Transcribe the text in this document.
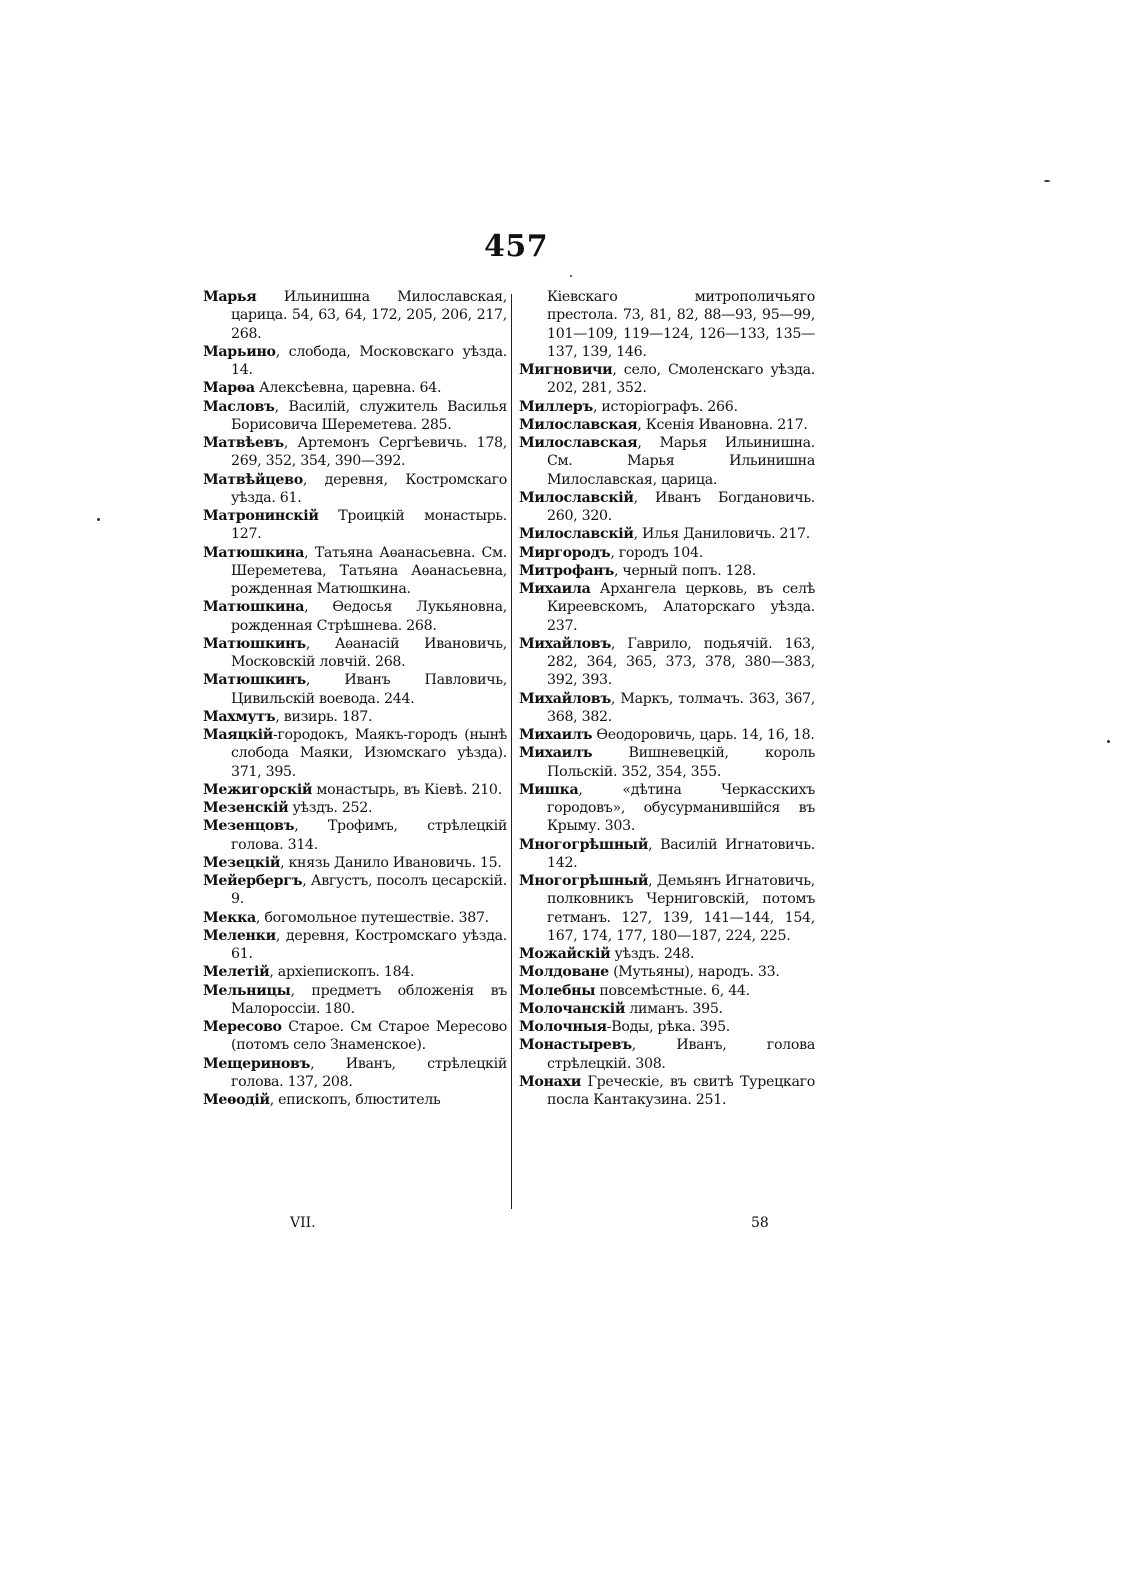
457

Марья Ильинишна Милославская, царица. 54, 63, 64, 172, 205, 206, 217, 268.

Марьино, слобода, Московскаго уѣзда. 14.

Марѳа Алексѣевна, царевна. 64.

Масловъ, Василій, служитель Василья Борисовича Шереметева. 285.

Матвѣевъ, Артемонъ Сергѣевичь. 178, 269, 352, 354, 390—392.

Матвѣйцево, деревня, Костромскаго уѣзда. 61.

Матронинскій Троицкій монастырь. 127.

Матюшкина, Татьяна Аѳанасьевна. См. Шереметева, Татьяна Аѳанасьевна, рожденная Матюшкина.

Матюшкина, Ѳедосья Лукьяновна, рожденная Стрѣшнева. 268.

Матюшкинъ, Аѳанасій Ивановичь, Московскій ловчій. 268.

Матюшкинъ, Иванъ Павловичь, Цивильскій воевода. 244.

Махмутъ, визирь. 187.

Маяцкій-городокъ, Маякъ-городъ (нынѣ слобода Маяки, Изюмскаго уѣзда). 371, 395.

Межигорскій монастырь, въ Кіевѣ. 210.

Мезенскій уѣздъ. 252.

Мезенцовъ, Трофимъ, стрѣлецкій голова. 314.

Мезецкій, князь Данило Ивановичь. 15.

Мейербергъ, Августъ, посолъ цесарскій. 9.

Мекка, богомольное путешествіе. 387.

Меленки, деревня, Костромскаго уѣзда. 61.

Мелетій, архіепископъ. 184.

Мельницы, предметъ обложенія въ Малороссіи. 180.

Мересово Старое. См Старое Мересово (потомъ село Знаменское).

Мещериновъ, Иванъ, стрѣлецкій голова. 137, 208.

Меѳодій, епископъ, блюститель

Кіевскаго митрополичьяго престола. 73, 81, 82, 88—93, 95—99, 101—109, 119—124, 126—133, 135—137, 139, 146.

Мигновичи, село, Смоленскаго уѣзда. 202, 281, 352.

Миллеръ, исторіографъ. 266.

Милославская, Ксенія Ивановна. 217.

Милославская, Марья Ильинишна. См. Марья Ильинишна Милославская, царица.

Милославскій, Иванъ Богдановичь. 260, 320.

Милославскій, Илья Даниловичь. 217.

Миргородъ, городъ 104.

Митрофанъ, черный попъ. 128.

Михаила Архангела церковь, въ селѣ Киреевскомъ, Алаторскаго уѣзда. 237.

Михайловъ, Гаврило, подьячій. 163, 282, 364, 365, 373, 378, 380—383, 392, 393.

Михайловъ, Маркъ, толмачъ. 363, 367, 368, 382.

Михаилъ Ѳеодоровичь, царь. 14, 16, 18.

Михаилъ Вишневецкій, король Польскій. 352, 354, 355.

Мишка, «дѣтина Черкасскихъ городовъ», обусурманившійся въ Крыму. 303.

Многогрѣшный, Василій Игнатовичь. 142.

Многогрѣшный, Демьянъ Игнатовичь, полковникъ Черниговскій, потомъ гетманъ. 127, 139, 141—144, 154, 167, 174, 177, 180—187, 224, 225.

Можайскій уѣздъ. 248.

Молдоване (Мутьяны), народъ. 33.

Молебны повсемѣстные. 6, 44.

Молочанскій лиманъ. 395.

Молочныя-Воды, рѣка. 395.

Монастыревъ, Иванъ, голова стрѣлецкій. 308.

Монахи Греческіе, въ свитѣ Турецкаго посла Кантакузина. 251.

VII.	58
